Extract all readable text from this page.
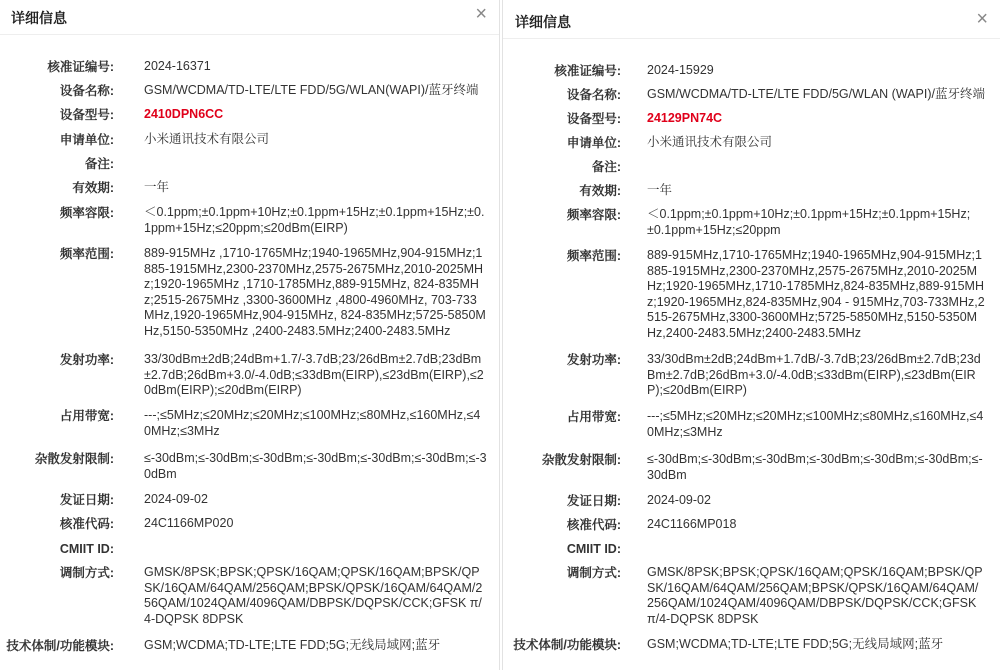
详细信息	×
核准证编号:	2024-16371
设备名称:	GSM/WCDMA/TD-LTE/LTE FDD/5G/WLAN(WAPI)/蓝牙终端
设备型号:	2410DPN6CC
申请单位:	小米通讯技术有限公司
备注:
有效期:	一年
频率容限:	＜0.1ppm;±0.1ppm+10Hz;±0.1ppm+15Hz;±0.1ppm+15Hz;±0.1ppm+15Hz;≤20ppm;≤20dBm(EIRP)
频率范围:	889-915MHz ,1710-1765MHz;1940-1965MHz,904-915MHz;1885-1915MHz,2300-2370MHz,2575-2675MHz,2010-2025MHz;1920-1965MHz ,1710-1785MHz,889-915MHz, 824-835MHz;2515-2675MHz ,3300-3600MHz ,4800-4960MHz, 703-733MHz,1920-1965MHz,904-915MHz, 824-835MHz;5725-5850MHz,5150-5350MHz ,2400-2483.5MHz;2400-2483.5MHz
发射功率:	33/30dBm±2dB;24dBm+1.7/-3.7dB;23/26dBm±2.7dB;23dBm±2.7dB;26dBm+3.0/-4.0dB;≤33dBm(EIRP),≤23dBm(EIRP),≤20dBm(EIRP);≤20dBm(EIRP)
占用带宽:	---;≤5MHz;≤20MHz;≤20MHz;≤100MHz;≤80MHz,≤160MHz,≤40MHz;≤3MHz
杂散发射限制:	≤-30dBm;≤-30dBm;≤-30dBm;≤-30dBm;≤-30dBm;≤-30dBm;≤-30dBm
发证日期:	2024-09-02
核准代码:	24C1166MP020
CMIIT ID:
调制方式:	GMSK/8PSK;BPSK;QPSK/16QAM;QPSK/16QAM;BPSK/QPSK/16QAM/64QAM/256QAM;BPSK/QPSK/16QAM/64QAM/256QAM/1024QAM/4096QAM/DBPSK/DQPSK/CCK;GFSK π/4-DQPSK 8DPSK
技术体制/功能模块:	GSM;WCDMA;TD-LTE;LTE FDD;5G;无线局域网;蓝牙
详细信息	×
核准证编号:	2024-15929
设备名称:	GSM/WCDMA/TD-LTE/LTE FDD/5G/WLAN (WAPI)/蓝牙终端
设备型号:	24129PN74C
申请单位:	小米通讯技术有限公司
备注:
有效期:	一年
频率容限:	＜0.1ppm;±0.1ppm+10Hz;±0.1ppm+15Hz;±0.1ppm+15Hz;±0.1ppm+15Hz;≤20ppm
频率范围:	889-915MHz,1710-1765MHz;1940-1965MHz,904-915MHz;1885-1915MHz,2300-2370MHz,2575-2675MHz,2010-2025MHz;1920-1965MHz,1710-1785MHz,824-835MHz,889-915MHz;1920-1965MHz,824-835MHz,904 - 915MHz,703-733MHz,2515-2675MHz,3300-3600MHz;5725-5850MHz,5150-5350MHz,2400-2483.5MHz;2400-2483.5MHz
发射功率:	33/30dBm±2dB;24dBm+1.7dB/-3.7dB;23/26dBm±2.7dB;23dBm±2.7dB;26dBm+3.0/-4.0dB;≤33dBm(EIRP),≤23dBm(EIRP);≤20dBm(EIRP)
占用带宽:	---;≤5MHz;≤20MHz;≤20MHz;≤100MHz;≤80MHz,≤160MHz,≤40MHz;≤3MHz
杂散发射限制:	≤-30dBm;≤-30dBm;≤-30dBm;≤-30dBm;≤-30dBm;≤-30dBm;≤-30dBm
发证日期:	2024-09-02
核准代码:	24C1166MP018
CMIIT ID:
调制方式:	GMSK/8PSK;BPSK;QPSK/16QAM;QPSK/16QAM;BPSK/QPSK/16QAM/64QAM/256QAM;BPSK/QPSK/16QAM/64QAM/256QAM/1024QAM/4096QAM/DBPSK/DQPSK/CCK;GFSK π/4-DQPSK 8DPSK
技术体制/功能模块:	GSM;WCDMA;TD-LTE;LTE FDD;5G;无线局域网;蓝牙
